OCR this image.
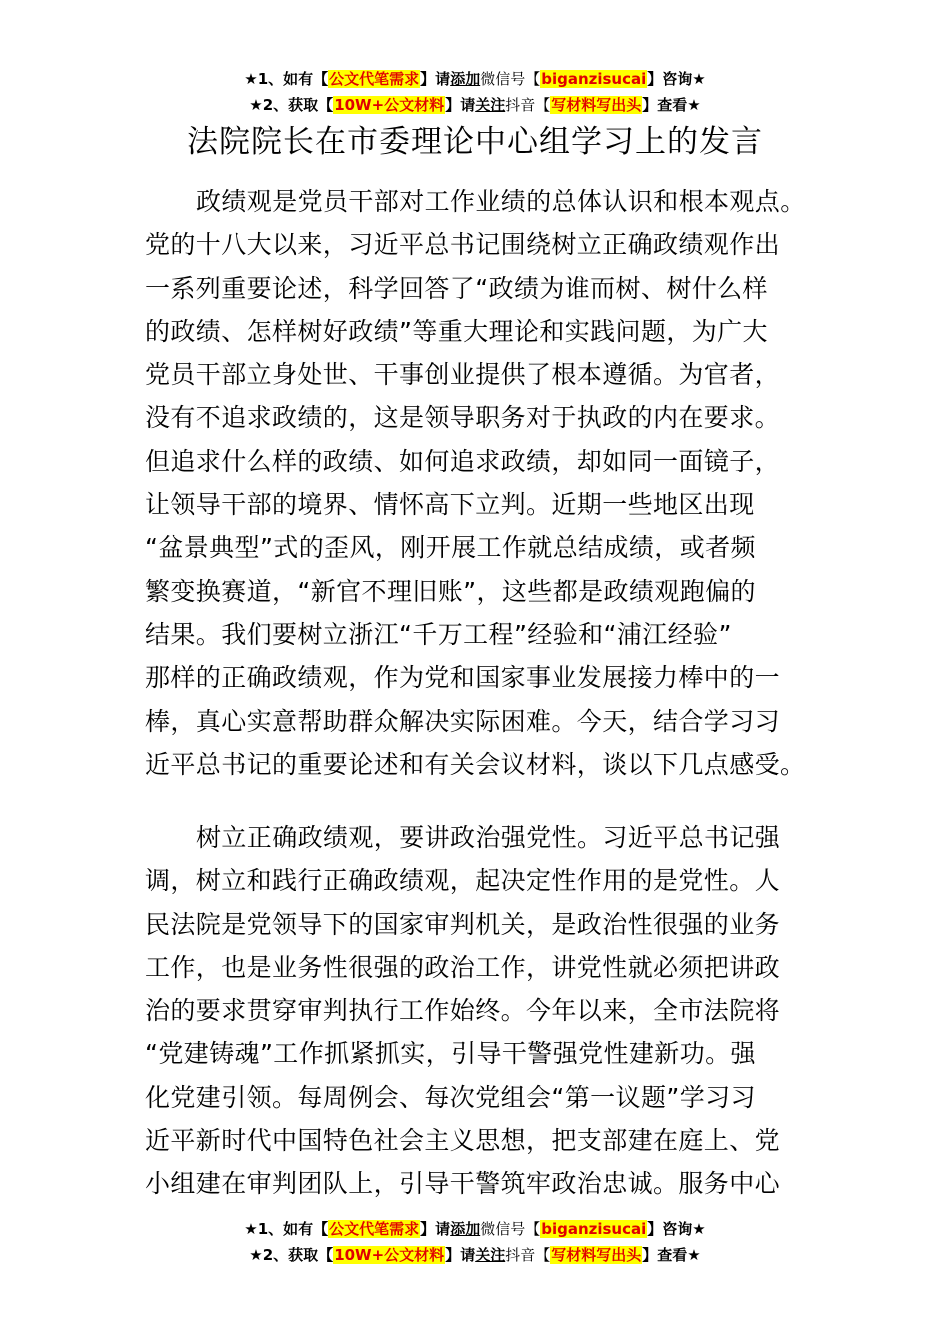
★1、如有【公文代笔需求】请添加微信号【biganzisucai】咨询★
★2、获取【10W+公文材料】请关注抖音【写材料写出头】查看★
法院院长在市委理论中心组学习上的发言
政绩观是党员干部对工作业绩的总体认识和根本观点。
党的十八大以来，习近平总书记围绕树立正确政绩观作出
一系列重要论述，科学回答了“政绩为谁而树、树什么样
的政绩、怎样树好政绩”等重大理论和实践问题，为广大
党员干部立身处世、干事创业提供了根本遵循。为官者，
没有不追求政绩的，这是领导职务对于执政的内在要求。
但追求什么样的政绩、如何追求政绩，却如同一面镜子，
让领导干部的境界、情怀高下立判。近期一些地区出现
“盆景典型”式的歪风，刚开展工作就总结成绩，或者频
繁变换赛道，“新官不理旧账”，这些都是政绩观跑偏的
结果。我们要树立浙江“千万工程”经验和“浦江经验”
那样的正确政绩观，作为党和国家事业发展接力棒中的一
棒，真心实意帮助群众解决实际困难。今天，结合学习习
近平总书记的重要论述和有关会议材料，谈以下几点感受。
树立正确政绩观，要讲政治强党性。习近平总书记强
调，树立和践行正确政绩观，起决定性作用的是党性。人
民法院是党领导下的国家审判机关，是政治性很强的业务
工作，也是业务性很强的政治工作，讲党性就必须把讲政
治的要求贯穿审判执行工作始终。今年以来，全市法院将
“党建铸魂”工作抓紧抓实，引导干警强党性建新功。强
化党建引领。每周例会、每次党组会“第一议题”学习习
近平新时代中国特色社会主义思想，把支部建在庭上、党
小组建在审判团队上，引导干警筑牢政治忠诚。服务中心
★1、如有【公文代笔需求】请添加微信号【biganzisucai】咨询★
★2、获取【10W+公文材料】请关注抖音【写材料写出头】查看★
